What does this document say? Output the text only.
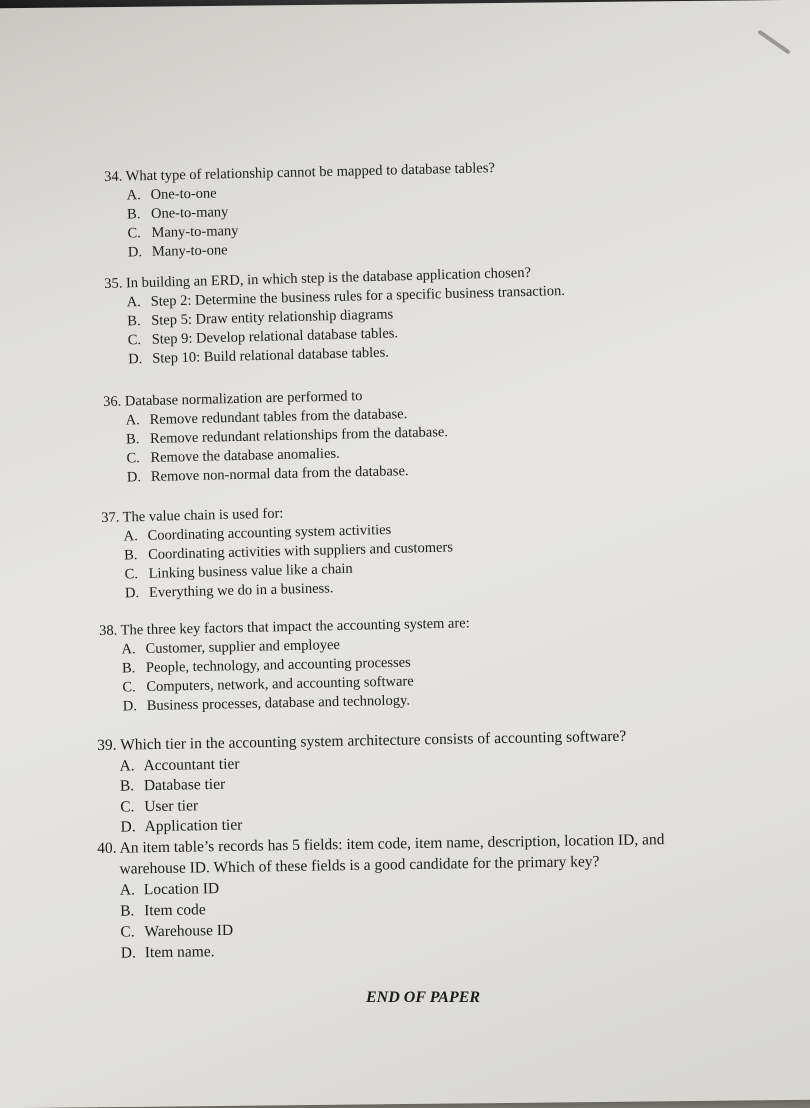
34. What type of relationship cannot be mapped to database tables?
A. One-to-one
B. One-to-many
C. Many-to-many
D. Many-to-one
35. In building an ERD, in which step is the database application chosen?
A. Step 2: Determine the business rules for a specific business transaction.
B. Step 5: Draw entity relationship diagrams
C. Step 9: Develop relational database tables.
D. Step 10: Build relational database tables.
36. Database normalization are performed to
A. Remove redundant tables from the database.
B. Remove redundant relationships from the database.
C. Remove the database anomalies.
D. Remove non-normal data from the database.
37. The value chain is used for:
A. Coordinating accounting system activities
B. Coordinating activities with suppliers and customers
C. Linking business value like a chain
D. Everything we do in a business.
38. The three key factors that impact the accounting system are:
A. Customer, supplier and employee
B. People, technology, and accounting processes
C. Computers, network, and accounting software
D. Business processes, database and technology.
39. Which tier in the accounting system architecture consists of accounting software?
A. Accountant tier
B. Database tier
C. User tier
D. Application tier
40. An item table’s records has 5 fields: item code, item name, description, location ID, and
warehouse ID. Which of these fields is a good candidate for the primary key?
A. Location ID
B. Item code
C. Warehouse ID
D. Item name.
END OF PAPER
